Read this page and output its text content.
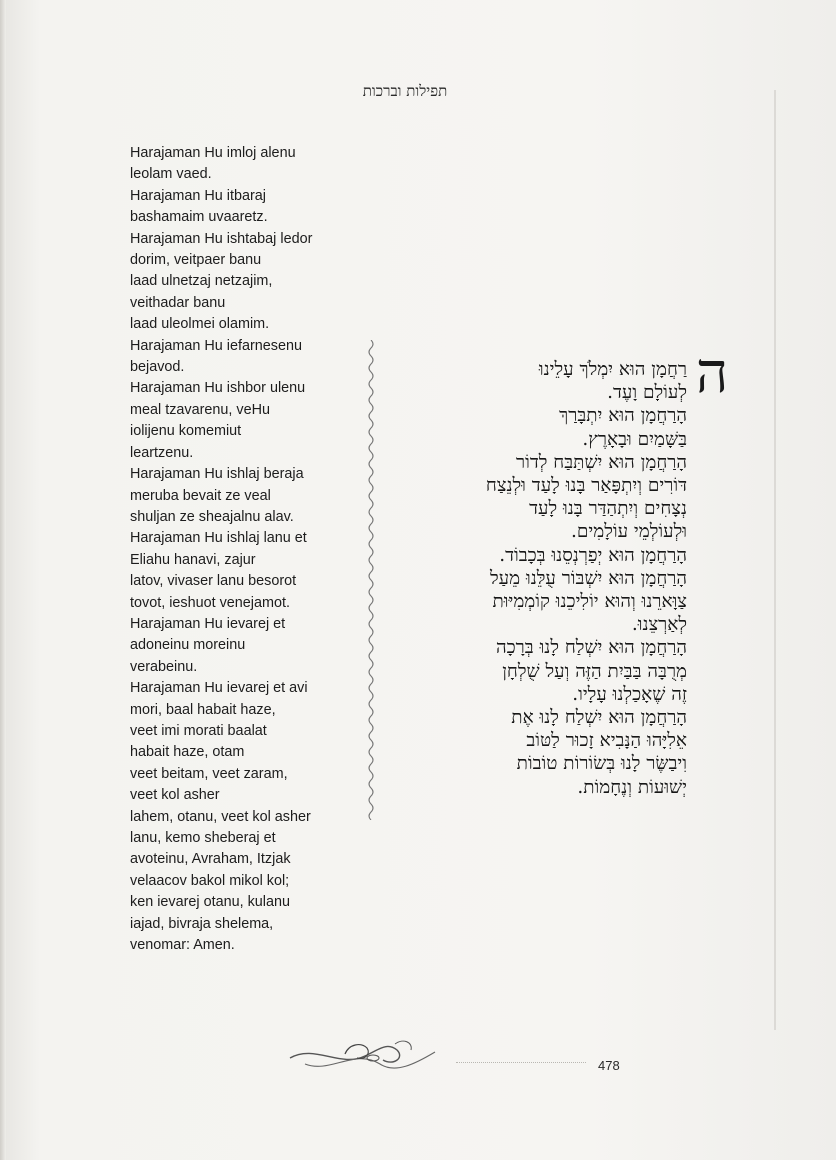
תפילות וברכות
Harajaman Hu imloj alenu
leolam vaed.
Harajaman Hu itbaraj
bashamaim uvaaretz.
Harajaman Hu ishtabaj ledor
dorim, veitpaer banu
laad ulnetzaj netzajim,
veithadar banu
laad uleolmei olamim.
Harajaman Hu iefarnesenu
bejavod.
Harajaman Hu ishbor ulenu
meal tzavarenu, veHu
iolijenu komemiut
leartzenu.
Harajaman Hu ishlaj beraja
meruba bevait ze veal
shuljan ze sheajalnu alav.
Harajaman Hu ishlaj lanu et
Eliahu hanavi, zajur
latov, vivaser lanu besorot
tovot, ieshuot venejamot.
Harajaman Hu ievarej et
adoneinu moreinu
verabeinu.
Harajaman Hu ievarej et avi
mori, baal habait haze,
veet imi morati baalat
habait haze, otam
veet beitam, veet zaram,
veet kol asher
lahem, otanu, veet kol asher
lanu, kemo sheberaj et
avoteinu, Avraham, Itzjak
velaacov bakol mikol kol;
ken ievarej otanu, kulanu
iajad, bivraja shelema,
venomar: Amen.
ה
רַחֲמָן הוּא יִמְלֹךְ עָלֵינוּ
לְעוֹלָם וָעֶד.
הָרַחֲמָן הוּא יִתְבָּרַךְ
בַּשָּׁמַיִם וּבָאָרֶץ.
הָרַחֲמָן הוּא יִשְׁתַּבַּח לְדוֹר
דּוֹרִים וְיִתְפָּאַר בָּנוּ לָעַד וּלְנֵצַח
נְצָחִים וְיִתְהַדַּר בָּנוּ לָעַד
וּלְעוֹלְמֵי עוֹלָמִים.
הָרַחֲמָן הוּא יְפַרְנְסֵנוּ בְּכָבוֹד.
הָרַחֲמָן הוּא יִשְׁבּוֹר עֻלֵּנוּ מֵעַל
צַוָּארֵנוּ וְהוּא יוֹלִיכֵנוּ קוֹמְמִיּוּת
לְאַרְצֵנוּ.
הָרַחֲמָן הוּא יִשְׁלַח לָנוּ בְּרָכָה
מְרֻבָּה בַּבַּיִת הַזֶּה וְעַל שֻׁלְחָן
זֶה שֶׁאָכַלְנוּ עָלָיו.
הָרַחֲמָן הוּא יִשְׁלַח לָנוּ אֶת
אֵלִיָּהוּ הַנָּבִיא זָכוּר לַטּוֹב
וִיבַשֶּׂר לָנוּ בְּשׂוֹרוֹת טוֹבוֹת
יְשׁוּעוֹת וְנֶחָמוֹת.
478
